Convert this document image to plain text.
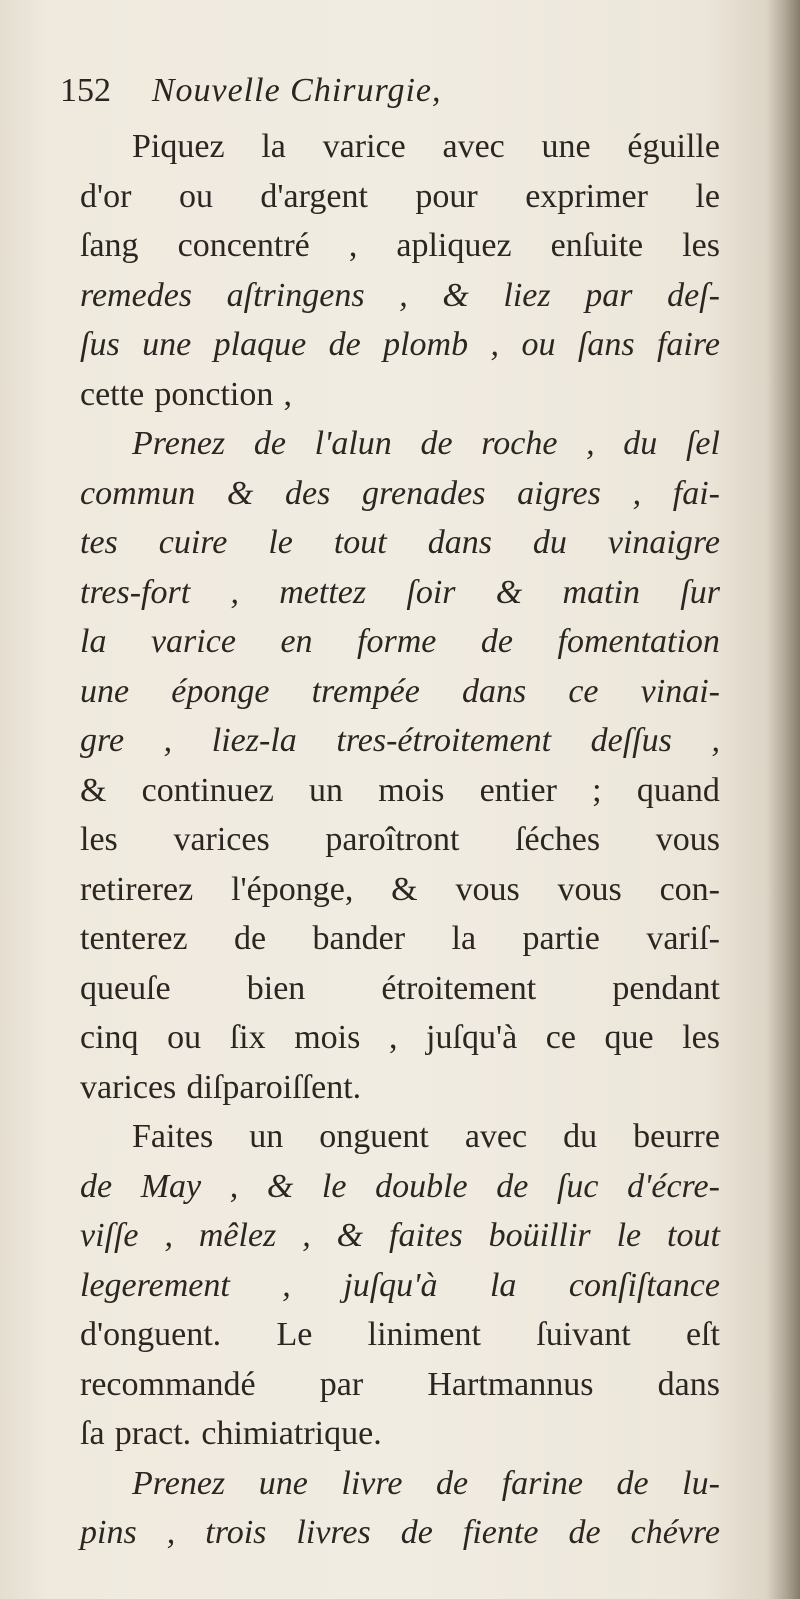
152 Nouvelle Chirurgie,
Piquez la varice avec une éguille
d'or ou d'argent pour exprimer le
ſang concentré , apliquez enſuite les
remedes aſtringens , & liez par deſ-
ſus une plaque de plomb , ou ſans faire
cette ponction ,
Prenez de l'alun de roche , du ſel
commun & des grenades aigres , fai-
tes cuire le tout dans du vinaigre
tres-fort , mettez ſoir & matin ſur
la varice en forme de fomentation
une éponge trempée dans ce vinai-
gre , liez-la tres-étroitement deſſus ,
& continuez un mois entier ; quand
les varices paroîtront ſéches vous
retirerez l'éponge, & vous vous con-
tenterez de bander la partie variſ-
queuſe bien étroitement pendant
cinq ou ſix mois , juſqu'à ce que les
varices diſparoiſſent.
Faites un onguent avec du beurre
de May , & le double de ſuc d'écre-
viſſe , mêlez , & faites boüillir le tout
legerement , juſqu'à la conſiſtance
d'onguent. Le liniment ſuivant eſt
recommandé par Hartmannus dans
ſa pract. chimiatrique.
Prenez une livre de farine de lu-
pins , trois livres de fiente de chévre
